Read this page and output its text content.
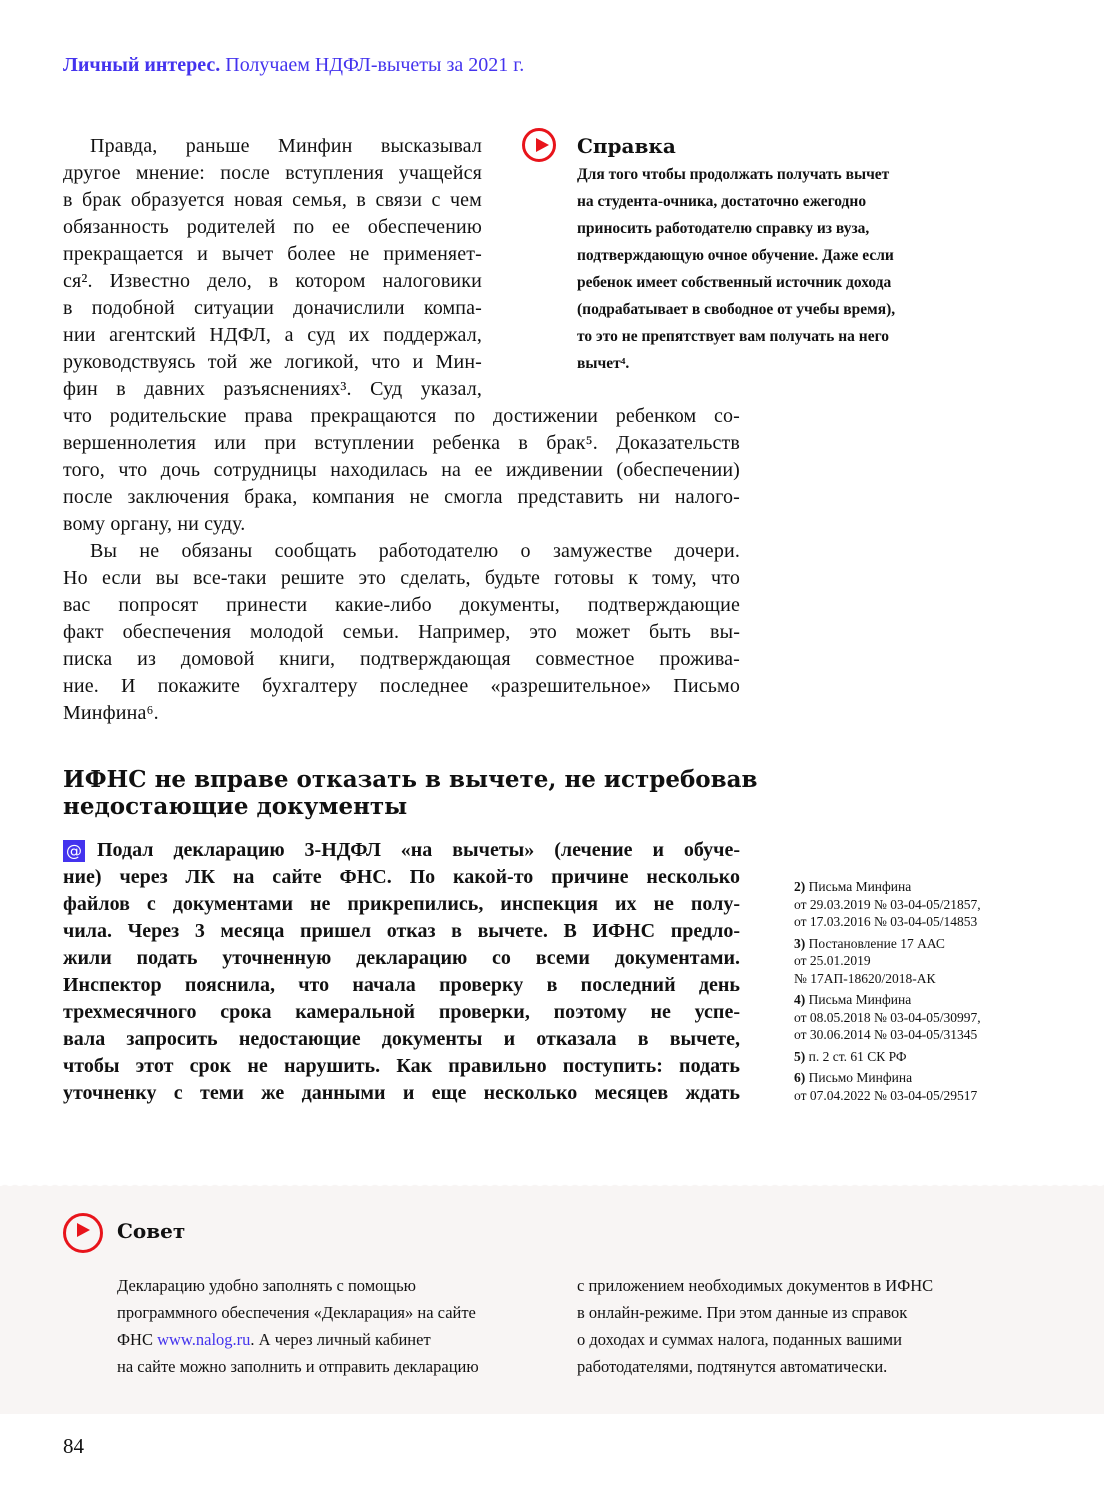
Личный интерес. Получаем НДФЛ-вычеты за 2021 г.
Правда, раньше Минфин высказывал
другое мнение: после вступления учащейся
в брак образуется новая семья, в связи с чем
обязанность родителей по ее обеспечению
прекращается и вычет более не применяет-
ся². Известно дело, в котором налоговики
в подобной ситуации доначислили компа-
нии агентский НДФЛ, а суд их поддержал,
руководствуясь той же логикой, что и Мин-
фин в давних разъяснениях³. Суд указал,
что родительские права прекращаются по достижении ребенком со-
вершеннолетия или при вступлении ребенка в брак⁵. Доказательств
того, что дочь сотрудницы находилась на ее иждивении (обеспечении)
после заключения брака, компания не смогла представить ни налого-
вому органу, ни суду.
Вы не обязаны сообщать работодателю о замужестве дочери.
Но если вы все-таки решите это сделать, будьте готовы к тому, что
вас попросят принести какие-либо документы, подтверждающие
факт обеспечения молодой семьи. Например, это может быть вы-
писка из домовой книги, подтверждающая совместное прожива-
ние. И покажите бухгалтеру последнее «разрешительное» Письмо
Минфина⁶.
Справка
Для того чтобы продолжать получать вычет
на студента-очника, достаточно ежегодно
приносить работодателю справку из вуза,
подтверждающую очное обучение. Даже если
ребенок имеет собственный источник дохода
(подрабатывает в свободное от учебы время),
то это не препятствует вам получать на него
вычет⁴.
ИФНС не вправе отказать в вычете, не истребовав
недостающие документы
@ Подал декларацию 3-НДФЛ «на вычеты» (лечение и обуче-
ние) через ЛК на сайте ФНС. По какой-то причине несколько
файлов с документами не прикрепились, инспекция их не полу-
чила. Через 3 месяца пришел отказ в вычете. В ИФНС предло-
жили подать уточненную декларацию со всеми документами.
Инспектор пояснила, что начала проверку в последний день
трехмесячного срока камеральной проверки, поэтому не успе-
вала запросить недостающие документы и отказала в вычете,
чтобы этот срок не нарушить. Как правильно поступить: подать
уточненку с теми же данными и еще несколько месяцев ждать
2) Письма Минфина
от 29.03.2019 № 03-04-05/21857,
от 17.03.2016 № 03-04-05/14853
3) Постановление 17 ААС
от 25.01.2019
№ 17АП-18620/2018-АК
4) Письма Минфина
от 08.05.2018 № 03-04-05/30997,
от 30.06.2014 № 03-04-05/31345
5) п. 2 ст. 61 СК РФ
6) Письмо Минфина
от 07.04.2022 № 03-04-05/29517
Совет
Декларацию удобно заполнять с помощью
программного обеспечения «Декларация» на сайте
ФНС www.nalog.ru. А через личный кабинет
на сайте можно заполнить и отправить декларацию
с приложением необходимых документов в ИФНС
в онлайн-режиме. При этом данные из справок
о доходах и суммах налога, поданных вашими
работодателями, подтянутся автоматически.
84
